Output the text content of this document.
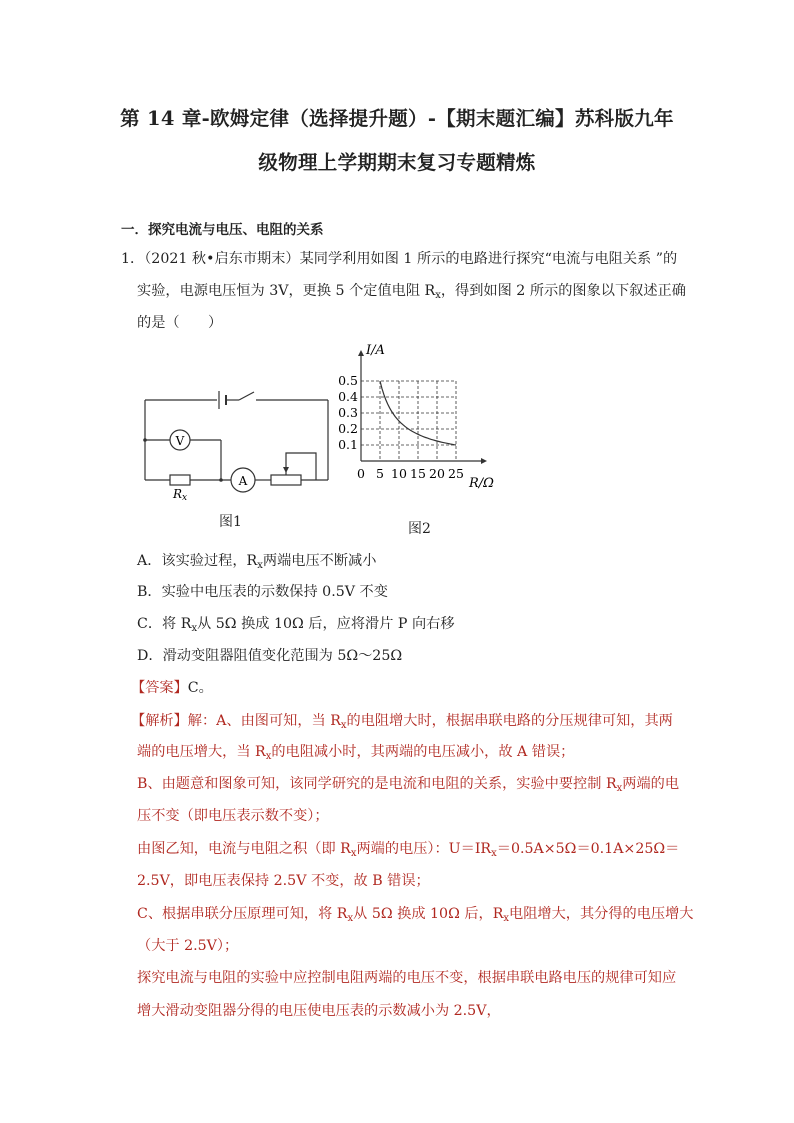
第 14 章-欧姆定律（选择提升题）-【期末题汇编】苏科版九年
级物理上学期期末复习专题精炼
一．探究电流与电压、电阻的关系
1．（2021 秋•启东市期末）某同学利用如图 1 所示的电路进行探究“电流与电阻关系 ”的
实验，电源电压恒为 3V，更换 5 个定值电阻 $R_x$，得到如图 2 所示的图象以下叙述正确
的是（　　）
V
A
Rx
图1
0.5
0.4
0.3
0.2
0.1
0 5 10 15 20 25
I/A
R/Ω
图2
A．该实验过程，$R_x$两端电压不断减小
B．实验中电压表的示数保持 0.5V 不变
C．将 $R_x$从 5Ω 换成 10Ω 后，应将滑片 P 向右移
D．滑动变阻器阻值变化范围为 5Ω～25Ω
【答案】C。
【解析】解：A、由图可知，当 $R_x$的电阻增大时，根据串联电路的分压规律可知，其两
端的电压增大，当 $R_x$的电阻减小时，其两端的电压减小，故 A 错误；
B、由题意和图象可知，该同学研究的是电流和电阻的关系，实验中要控制 $R_x$两端的电
压不变（即电压表示数不变）；
由图乙知，电流与电阻之积（即 $R_x$两端的电压）：$U=IR_x=0.5A\times 5\Omega=0.1A\times 25\Omega=$
2.5V，即电压表保持 2.5V 不变，故 B 错误；
C、根据串联分压原理可知，将 $R_x$从 5Ω 换成 10Ω 后，$R_x$电阻增大，其分得的电压增大
（大于 2.5V）；
探究电流与电阻的实验中应控制电阻两端的电压不变，根据串联电路电压的规律可知应
增大滑动变阻器分得的电压使电压表的示数减小为 2.5V，
